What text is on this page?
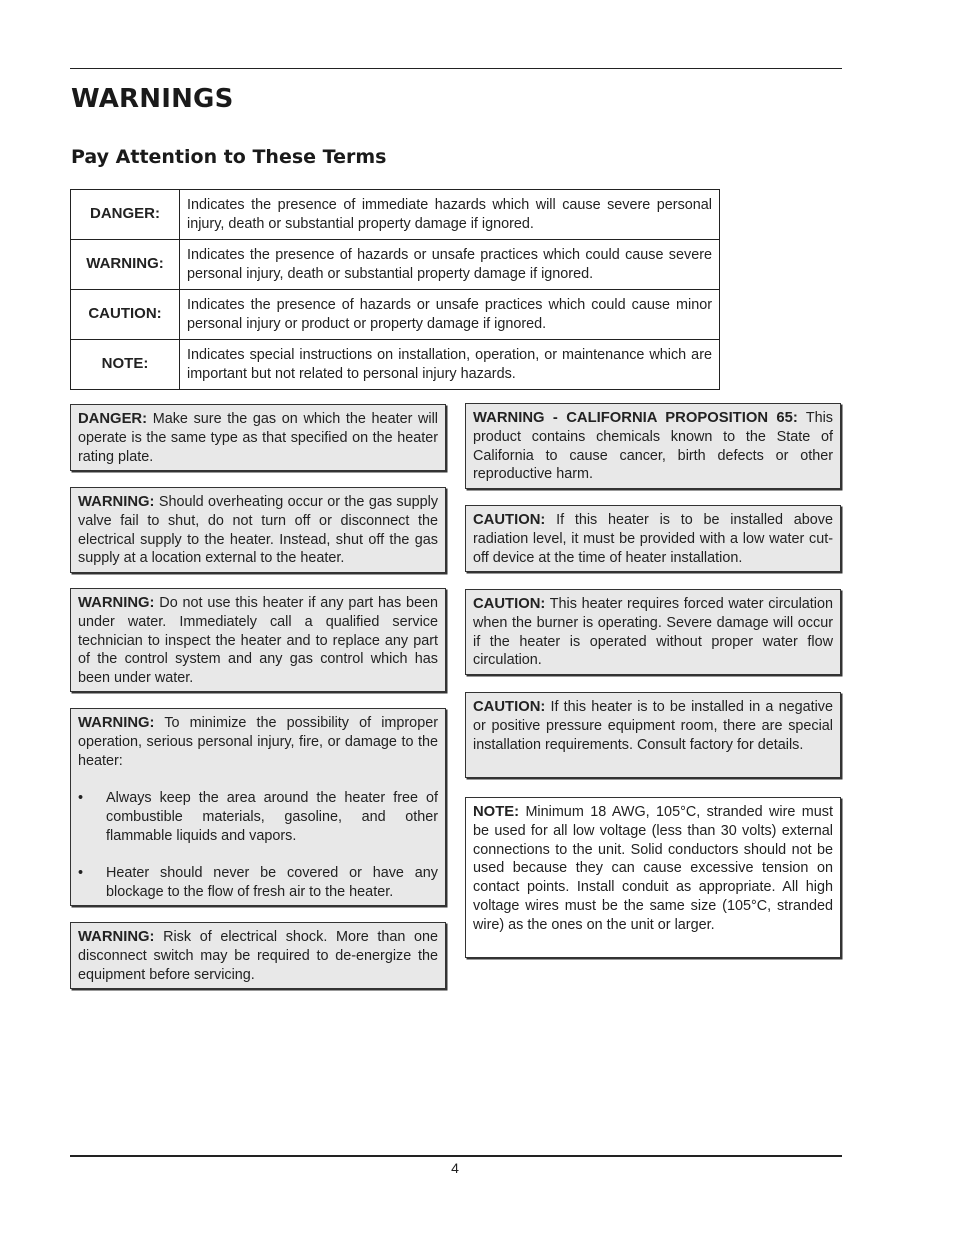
WARNINGS
Pay Attention to These Terms
DANGER:	Indicates the presence of immediate hazards which will cause severe personal injury, death or substantial property damage if ignored.
WARNING:	Indicates the presence of hazards or unsafe practices which could cause severe personal injury, death or substantial property damage if ignored.
CAUTION:	Indicates the presence of hazards or unsafe practices which could cause minor personal injury or product or property damage if ignored.
NOTE:	Indicates special instructions on installation, operation, or maintenance which are important but not related to personal injury hazards.

DANGER: Make sure the gas on which the heater will operate is the same type as that specified on the heater rating plate.

WARNING: Should overheating occur or the gas supply valve fail to shut, do not turn off or disconnect the electrical supply to the heater. Instead, shut off the gas supply at a location external to the heater.

WARNING: Do not use this heater if any part has been under water. Immediately call a qualified service technician to inspect the heater and to replace any part of the control system and any gas control which has been under water.

WARNING: To minimize the possibility of improper operation, serious personal injury, fire, or damage to the heater:

• Always keep the area around the heater free of combustible materials, gasoline, and other flammable liquids and vapors.
• Heater should never be covered or have any blockage to the flow of fresh air to the heater.

WARNING: Risk of electrical shock. More than one disconnect switch may be required to de-energize the equipment before servicing.

WARNING - CALIFORNIA PROPOSITION 65: This product contains chemicals known to the State of California to cause cancer, birth defects or other reproductive harm.

CAUTION: If this heater is to be installed above radiation level, it must be provided with a low water cut-off device at the time of heater installation.

CAUTION: This heater requires forced water circulation when the burner is operating. Severe damage will occur if the heater is operated without proper water flow circulation.

CAUTION: If this heater is to be installed in a negative or positive pressure equipment room, there are special installation requirements. Consult factory for details.

NOTE: Minimum 18 AWG, 105°C, stranded wire must be used for all low voltage (less than 30 volts) external connections to the unit. Solid conductors should not be used because they can cause excessive tension on contact points. Install conduit as appropriate. All high voltage wires must be the same size (105°C, stranded wire) as the ones on the unit or larger.

4
